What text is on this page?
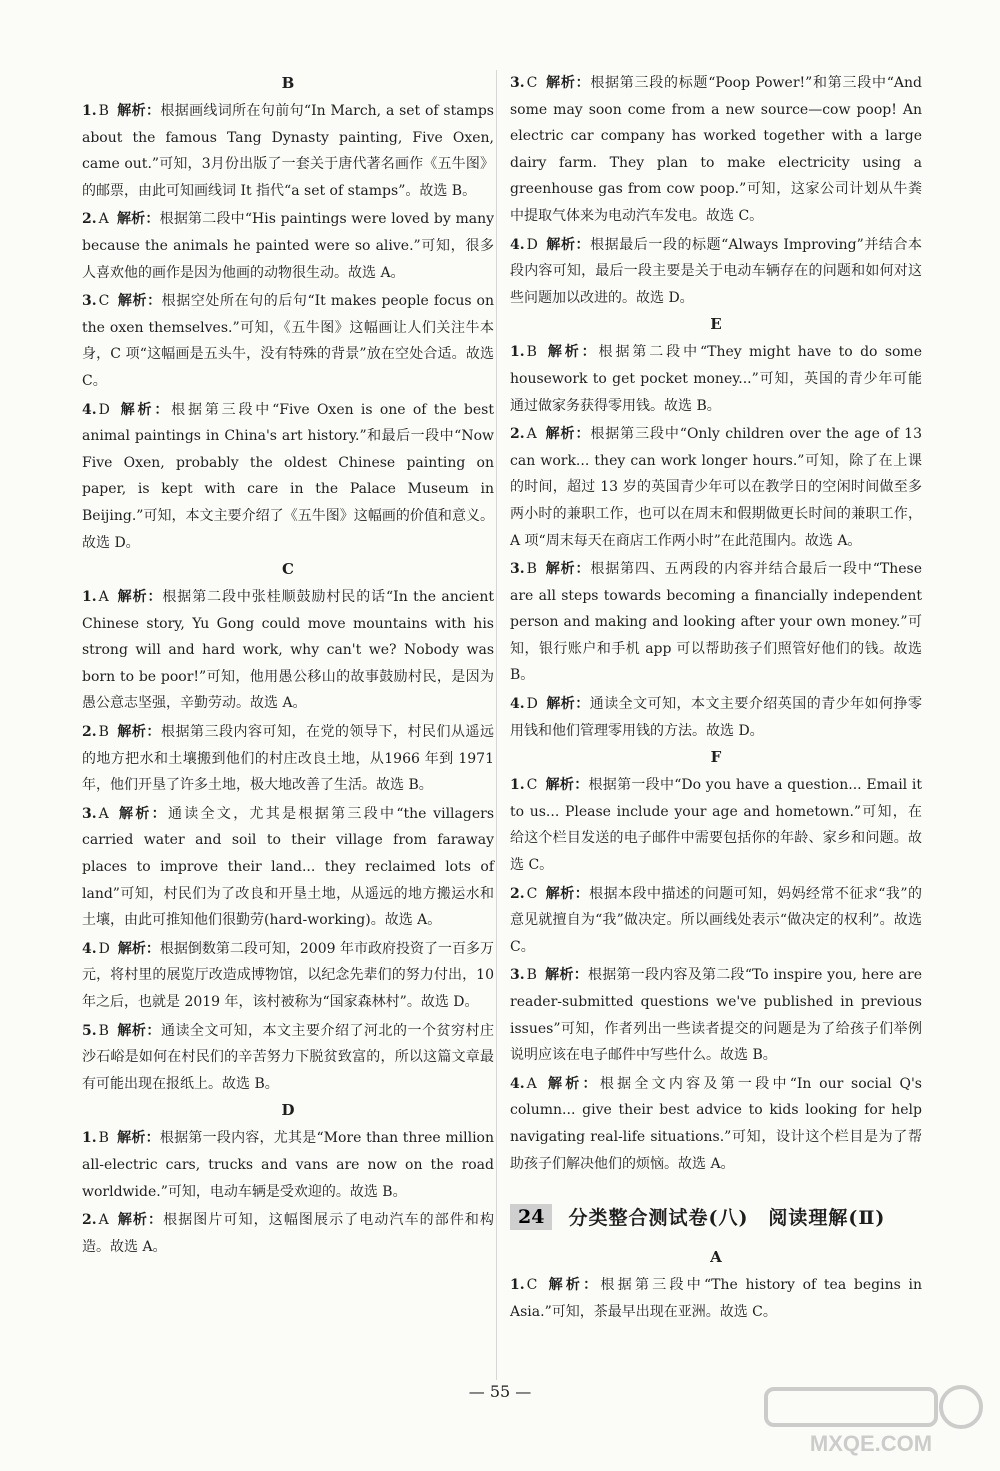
B

1. B 解析：根据画线词所在句前句“In March, a set of stamps about the famous Tang Dynasty painting, Five Oxen, came out.”可知，3月份出版了一套关于唐代著名画作《五牛图》的邮票，由此可知画线词 It 指代“a set of stamps”。故选 B。

2. A 解析：根据第二段中“His paintings were loved by many because the animals he painted were so alive.”可知，很多人喜欢他的画作是因为他画的动物很生动。故选 A。

3. C 解析：根据空处所在句的后句“It makes people focus on the oxen themselves.”可知，《五牛图》这幅画让人们关注牛本身，C 项“这幅画是五头牛，没有特殊的背景”放在空处合适。故选 C。

4. D 解析：根据第三段中“Five Oxen is one of the best animal paintings in China's art history.”和最后一段中“Now Five Oxen, probably the oldest Chinese painting on paper, is kept with care in the Palace Museum in Beijing.”可知，本文主要介绍了《五牛图》这幅画的价值和意义。故选 D。

C

1. A 解析：根据第二段中张桂顺鼓励村民的话“In the ancient Chinese story, Yu Gong could move mountains with his strong will and hard work, why can't we? Nobody was born to be poor!”可知，他用愚公移山的故事鼓励村民，是因为愚公意志坚强，辛勤劳动。故选 A。

2. B 解析：根据第三段内容可知，在党的领导下，村民们从遥远的地方把水和土壤搬到他们的村庄改良土地，从1966 年到 1971 年，他们开垦了许多土地，极大地改善了生活。故选 B。

3. A 解析：通读全文，尤其是根据第三段中“the villagers carried water and soil to their village from faraway places to improve their land... they reclaimed lots of land”可知，村民们为了改良和开垦土地，从遥远的地方搬运水和土壤，由此可推知他们很勤劳(hard-working)。故选 A。

4. D 解析：根据倒数第二段可知，2009 年市政府投资了一百多万元，将村里的展览厅改造成博物馆，以纪念先辈们的努力付出，10 年之后，也就是 2019 年，该村被称为“国家森林村”。故选 D。

5. B 解析：通读全文可知，本文主要介绍了河北的一个贫穷村庄沙石峪是如何在村民们的辛苦努力下脱贫致富的，所以这篇文章最有可能出现在报纸上。故选 B。

D

1. B 解析：根据第一段内容，尤其是“More than three million all-electric cars, trucks and vans are now on the road worldwide.”可知，电动车辆是受欢迎的。故选 B。

2. A 解析：根据图片可知，这幅图展示了电动汽车的部件和构造。故选 A。

3. C 解析：根据第三段的标题“Poop Power!”和第三段中“And some may soon come from a new source—cow poop! An electric car company has worked together with a large dairy farm. They plan to make electricity using a greenhouse gas from cow poop.”可知，这家公司计划从牛粪中提取气体来为电动汽车发电。故选 C。

4. D 解析：根据最后一段的标题“Always Improving”并结合本段内容可知，最后一段主要是关于电动车辆存在的问题和如何对这些问题加以改进的。故选 D。

E

1. B 解析：根据第二段中“They might have to do some housework to get pocket money...”可知，英国的青少年可能通过做家务获得零用钱。故选 B。

2. A 解析：根据第三段中“Only children over the age of 13 can work... they can work longer hours.”可知，除了在上课的时间，超过 13 岁的英国青少年可以在教学日的空闲时间做至多两小时的兼职工作，也可以在周末和假期做更长时间的兼职工作，A 项“周末每天在商店工作两小时”在此范围内。故选 A。

3. B 解析：根据第四、五两段的内容并结合最后一段中“These are all steps towards becoming a financially independent person and making and looking after your own money.”可知，银行账户和手机 app 可以帮助孩子们照管好他们的钱。故选 B。

4. D 解析：通读全文可知，本文主要介绍英国的青少年如何挣零用钱和他们管理零用钱的方法。故选 D。

F

1. C 解析：根据第一段中“Do you have a question... Email it to us... Please include your age and hometown.”可知，在给这个栏目发送的电子邮件中需要包括你的年龄、家乡和问题。故选 C。

2. C 解析：根据本段中描述的问题可知，妈妈经常不征求“我”的意见就擅自为“我”做决定。所以画线处表示“做决定的权利”。故选 C。

3. B 解析：根据第一段内容及第二段“To inspire you, here are reader-submitted questions we've published in previous issues”可知，作者列出一些读者提交的问题是为了给孩子们举例说明应该在电子邮件中写些什么。故选 B。

4. A 解析：根据全文内容及第一段中“In our social Q's column... give their best advice to kids looking for help navigating real-life situations.”可知，设计这个栏目是为了帮助孩子们解决他们的烦恼。故选 A。

24	分类整合测试卷(八)　阅读理解(Ⅱ)
A

1. C 解析：根据第三段中“The history of tea begins in Asia.”可知，茶最早出现在亚洲。故选 C。

— 55 —
MXQE.COM
